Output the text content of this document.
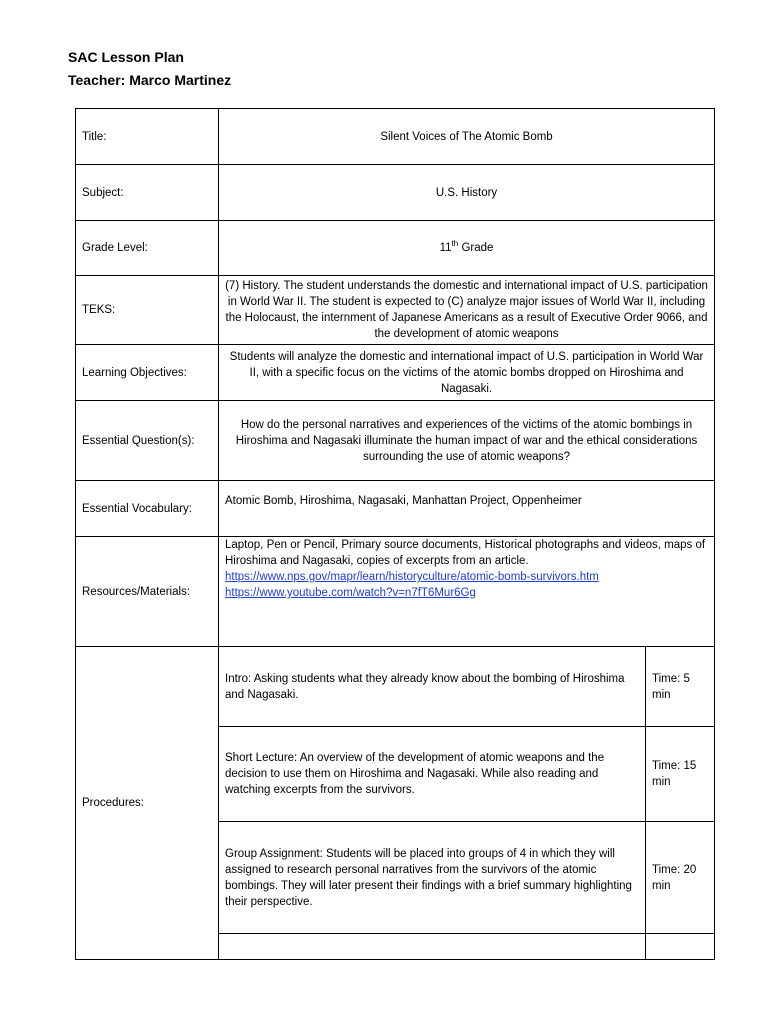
SAC Lesson Plan
Teacher: Marco Martinez
Title:	Silent Voices of The Atomic Bomb	
Subject:	U.S. History	
Grade Level:	11th Grade	
TEKS:	(7) History. The student understands the domestic and international impact of U.S. participation in World War II. The student is expected to (C) analyze major issues of World War II, including the Holocaust, the internment of Japanese Americans as a result of Executive Order 9066, and the development of atomic weapons	
Learning Objectives:	Students will analyze the domestic and international impact of U.S. participation in World War II, with a specific focus on the victims of the atomic bombs dropped on Hiroshima and Nagasaki.	
Essential Question(s):	How do the personal narratives and experiences of the victims of the atomic bombings in Hiroshima and Nagasaki illuminate the human impact of war and the ethical considerations surrounding the use of atomic weapons?	
Essential Vocabulary:	Atomic Bomb, Hiroshima, Nagasaki, Manhattan Project, Oppenheimer	
Resources/Materials:	Laptop, Pen or Pencil, Primary source documents, Historical photographs and videos, maps of Hiroshima and Nagasaki, copies of excerpts from an article.
https://www.nps.gov/mapr/learn/historyculture/atomic-bomb-survivors.htm
https://www.youtube.com/watch?v=n7fT6Mur6Gg	

Procedures:	Intro: Asking students what they already know about the bombing of Hiroshima and Nagasaki.	Time: 5 min
	Short Lecture: An overview of the development of atomic weapons and the decision to use them on Hiroshima and Nagasaki. While also reading and watching excerpts from the survivors.	Time: 15 min
	Group Assignment: Students will be placed into groups of 4 in which they will assigned to research personal narratives from the survivors of the atomic bombings. They will later present their findings with a brief summary highlighting their perspective.	Time: 20 min
